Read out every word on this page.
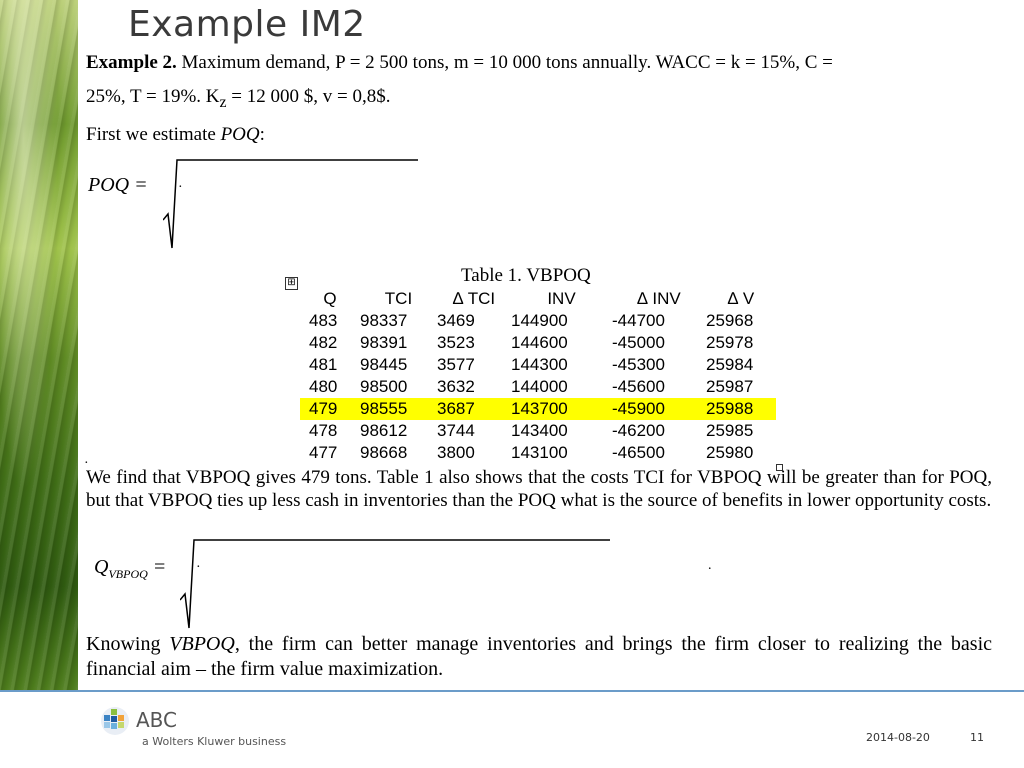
Example IM2

Example 2. Maximum demand, P = 2 500 tons, m = 10 000 tons annually. WACC = k = 15%, C =
25%, T = 19%. $K_z = 12$ 000 $, v = 0,8$.

First we estimate POQ:

POQ = ·
⊞	Table 1. VBPOQ
Q	TCI	∆ TCI	INV	∆ INV	∆ V
483	98337	3469	144900	-44700	25968
482	98391	3523	144600	-45000	25978
481	98445	3577	144300	-45300	25984
480	98500	3632	144000	-45600	25987
479	98555	3687	143700	-45900	25988
478	98612	3744	143400	-46200	25985
477	98668	3800	143100	-46500	25980
·

We find that VBPOQ gives 479 tons. Table 1 also shows that the costs TCI for VBPOQ will be greater than for POQ, but that VBPOQ ties up less cash in inventories than the POQ what is the source of benefits in lower opportunity costs.

$Q_{VBPOQ}$ = ·	.

Knowing VBPOQ, the firm can better manage inventories and brings the firm closer to realizing the basic financial aim – the firm value maximization.

ABC
a Wolters Kluwer business	2014-08-20	11
